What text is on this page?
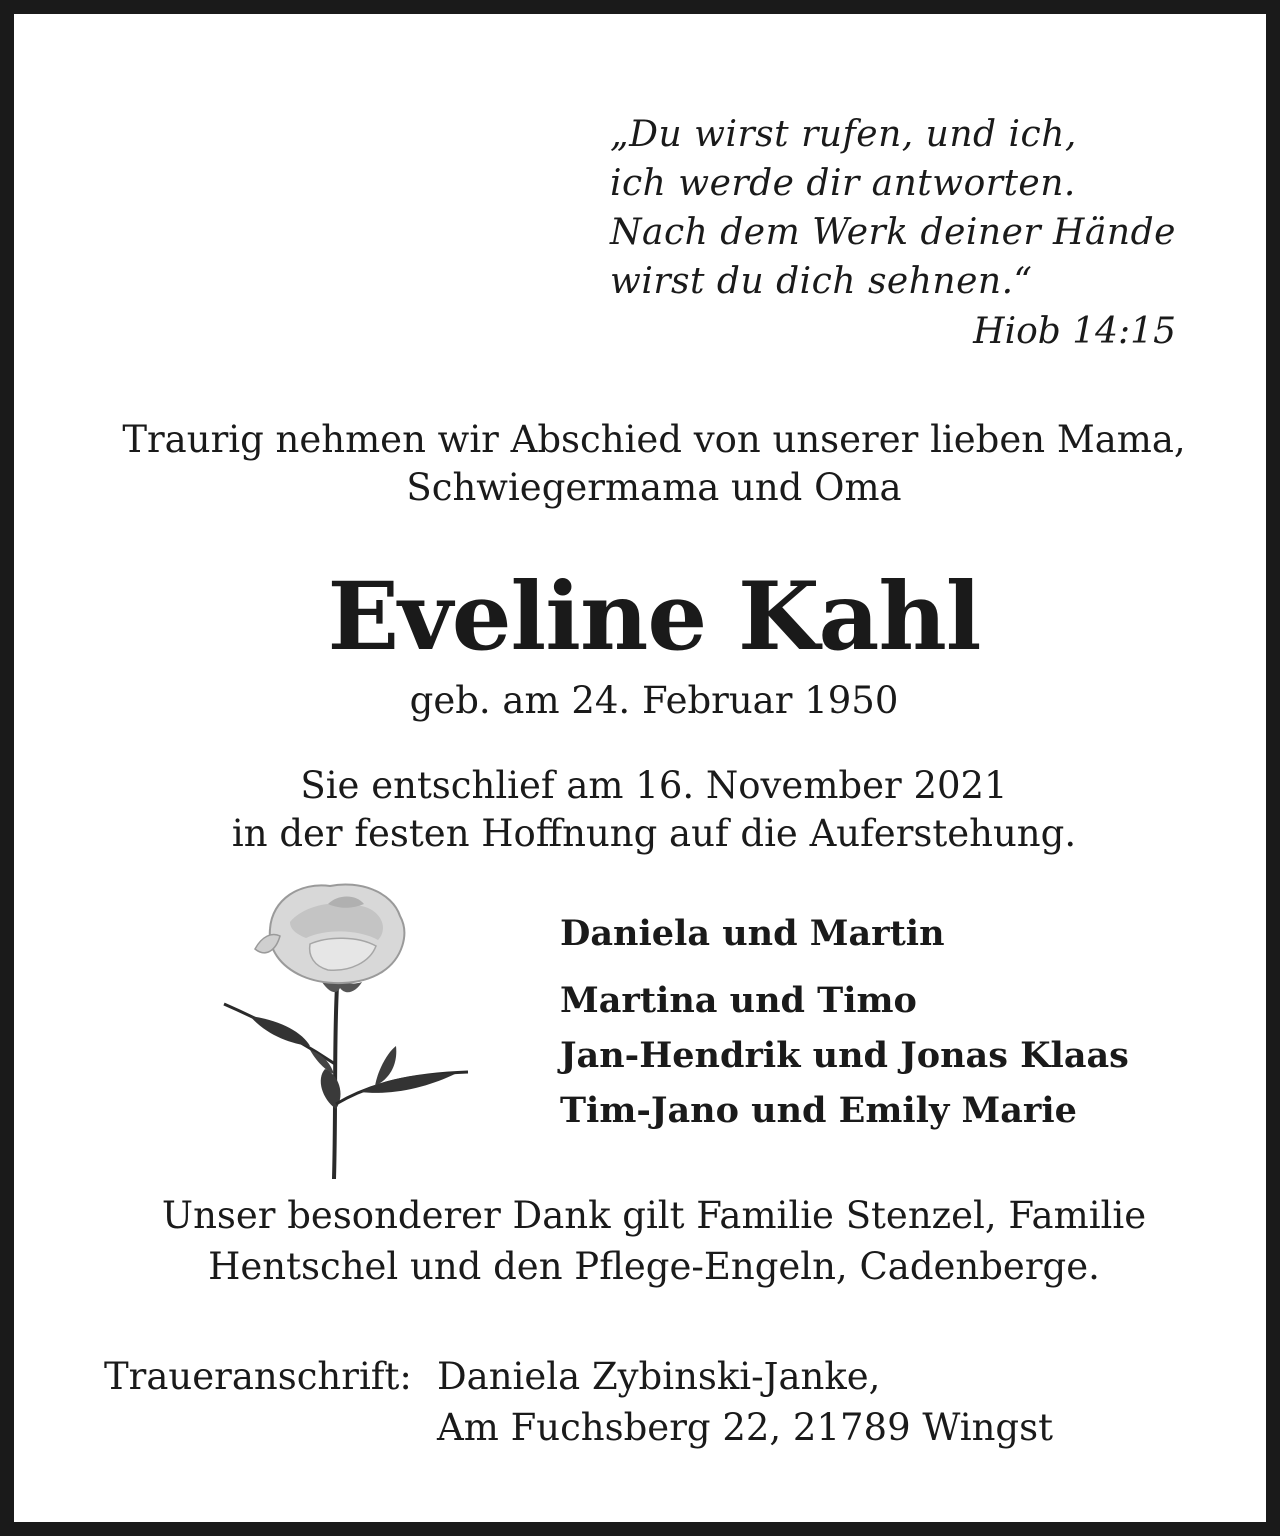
„Du wirst rufen, und ich,
ich werde dir antworten.
Nach dem Werk deiner Hände
wirst du dich sehnen.“
Hiob 14:15
Traurig nehmen wir Abschied von unserer lieben Mama,
Schwiegermama und Oma
Eveline Kahl
geb. am 24. Februar 1950
Sie entschlief am 16. November 2021
in der festen Hoffnung auf die Auferstehung.
Daniela und Martin
Martina und Timo
Jan-Hendrik und Jonas Klaas
Tim-Jano und Emily Marie
Unser besonderer Dank gilt Familie Stenzel, Familie
Hentschel und den Pflege-Engeln, Cadenberge.
Traueranschrift: Daniela Zybinski-Janke,
Am Fuchsberg 22, 21789 Wingst
